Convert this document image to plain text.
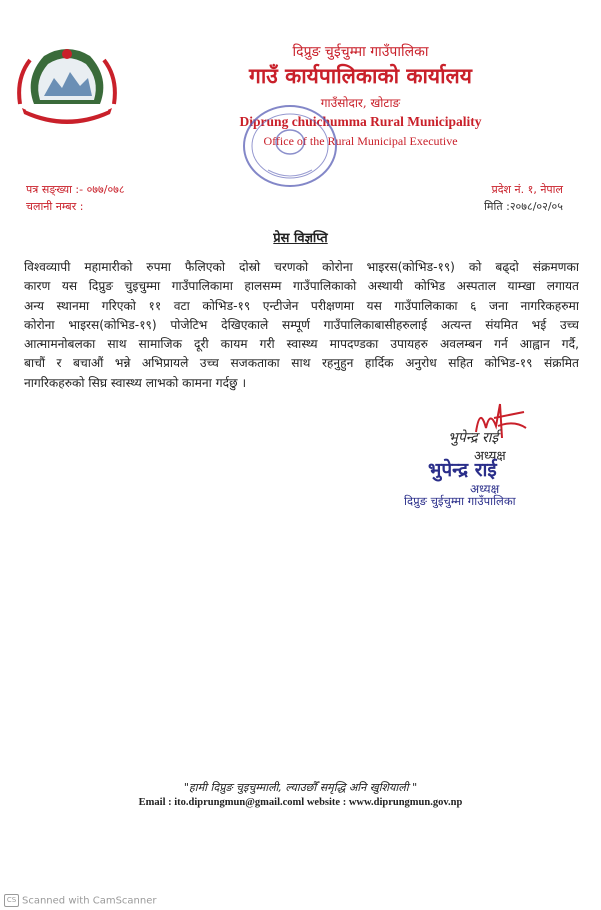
दिप्रुङ चुईचुम्मा गाउँपालिका
गाउँ कार्यपालिकाको कार्यालय
गाउँसोदार, खोटाङ
Diprung chuichumma Rural Municipality
Office of the Rural Municipal Executive
पत्र सङ्ख्या :- ०७७/०७८
चलानी नम्बर :
प्रदेश नं. १, नेपाल
मिति :२०७८/०२/०५
प्रेस विज्ञप्ति
विश्वव्यापी महामारीको रुपमा फैलिएको दोस्रो चरणको कोरोना भाइरस(कोभिड-१९) को बढ्दो संक्रमणका
कारण यस दिप्रुङ चुइचुम्मा गाउँपालिकामा हालसम्म गाउँपालिकाको अस्थायी कोभिड अस्पताल याम्खा लगायत
अन्य स्थानमा गरिएको ११ वटा कोभिड-१९ एन्टीजेन परीक्षणमा यस गाउँपालिकाका ६ जना नागरिकहरुमा
कोरोना भाइरस(कोभिड-१९) पोजेटिभ देखिएकाले सम्पूर्ण गाउँपालिकाबासीहरुलाई अत्यन्त संयमित भई उच्च
आत्मामनोबलका साथ सामाजिक दूरी कायम गरी स्वास्थ्य मापदण्डका उपायहरु अवलम्बन गर्न आह्वान गर्दै,
बाचौं र बचाऔं भन्ने अभिप्रायले उच्च सजकताका साथ रहनुहुन हार्दिक अनुरोध सहित कोभिड-१९ संक्रमित
नागरिकहरुको सिघ्र स्वास्थ्य लाभको कामना गर्दछु ।
भुपेन्द्र राई
अध्यक्ष
भुपेन्द्र राई
अध्यक्ष
दिप्रुङ चुईचुम्मा गाउँपालिका
"हामी दिप्रुङ चुइचुम्माली, ल्याउछौँ समृद्धि अनि खुशियाली "
Email : ito.diprungmun@gmail.coml website : www.diprungmun.gov.np
CS Scanned with CamScanner
